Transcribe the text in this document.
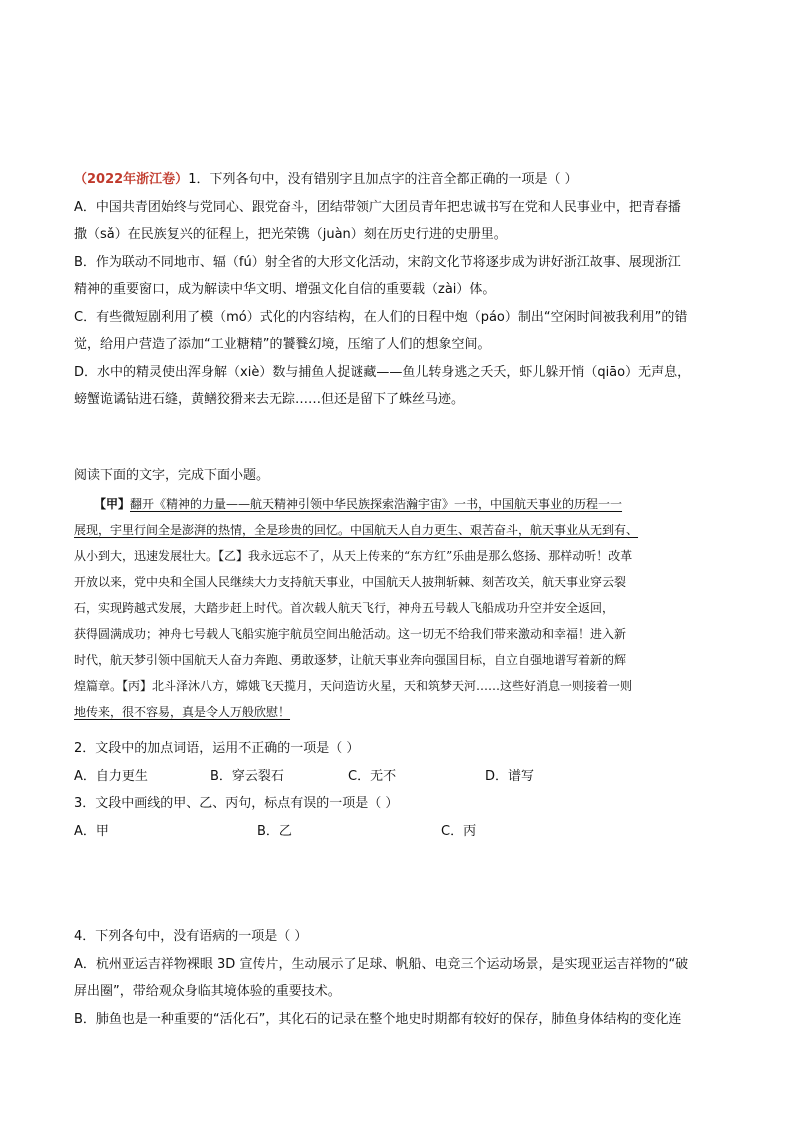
（2022年浙江卷）1．下列各句中，没有错别字且加点字的注音全都正确的一项是（ ）
A．中国共青团始终与党同心、跟党奋斗，团结带领广大团员青年把忠诚书写在党和人民事业中，把青春播
撒（sǎ）在民族复兴的征程上，把光荣镌（juàn）刻在历史行进的史册里。
B．作为联动不同地市、辐（fú）射全省的大形文化活动，宋韵文化节将逐步成为讲好浙江故事、展现浙江
精神的重要窗口，成为解读中华文明、增强文化自信的重要载（zài）体。
C．有些微短剧利用了模（mó）式化的内容结构，在人们的日程中炮（páo）制出“空闲时间被我利用”的错
觉，给用户营造了添加“工业糖精”的饕餮幻境，压缩了人们的想象空间。
D．水中的精灵使出浑身解（xiè）数与捕鱼人捉谜藏——鱼儿转身逃之夭夭，虾儿躲开悄（qiāo）无声息，
螃蟹诡谲钻进石缝，黄鳝狡猾来去无踪……但还是留下了蛛丝马迹。
阅读下面的文字，完成下面小题。
【甲】翻开《精神的力量——航天精神引领中华民族探索浩瀚宇宙》一书，中国航天事业的历程一一
展现，宇里行间全是澎湃的热情，全是珍贵的回忆。中国航天人自力更生、艰苦奋斗，航天事业从无到有、
从小到大，迅速发展壮大。【乙】我永远忘不了，从天上传来的“东方红”乐曲是那么悠扬、那样动听！改革
开放以来，党中央和全国人民继续大力支持航天事业，中国航天人披荆斩棘、刻苦攻关，航天事业穿云裂
石，实现跨越式发展，大踏步赶上时代。首次载人航天飞行，神舟五号载人飞船成功升空并安全返回，
获得圆满成功；神舟七号载人飞船实施宇航员空间出舱活动。这一切无不给我们带来激动和幸福！进入新
时代，航天梦引领中国航天人奋力奔跑、勇敢逐梦，让航天事业奔向强国目标，自立自强地谱写着新的辉
煌篇章。【丙】北斗泽沐八方，嫦娥飞天揽月，天问造访火星，天和筑梦天河……这些好消息一则接着一则
地传来，很不容易，真是令人万般欣慰！
2．文段中的加点词语，运用不正确的一项是（ ）
A．自力更生	B．穿云裂石	C．无不	D．谱写
3．文段中画线的甲、乙、丙句，标点有误的一项是（ ）
A．甲	B．乙	C．丙
4．下列各句中，没有语病的一项是（ ）
A．杭州亚运吉祥物裸眼 3D 宣传片，生动展示了足球、帆船、电竞三个运动场景，是实现亚运吉祥物的“破
屏出圈”，带给观众身临其境体验的重要技术。
B．肺鱼也是一种重要的“活化石”，其化石的记录在整个地史时期都有较好的保存，肺鱼身体结构的变化连
